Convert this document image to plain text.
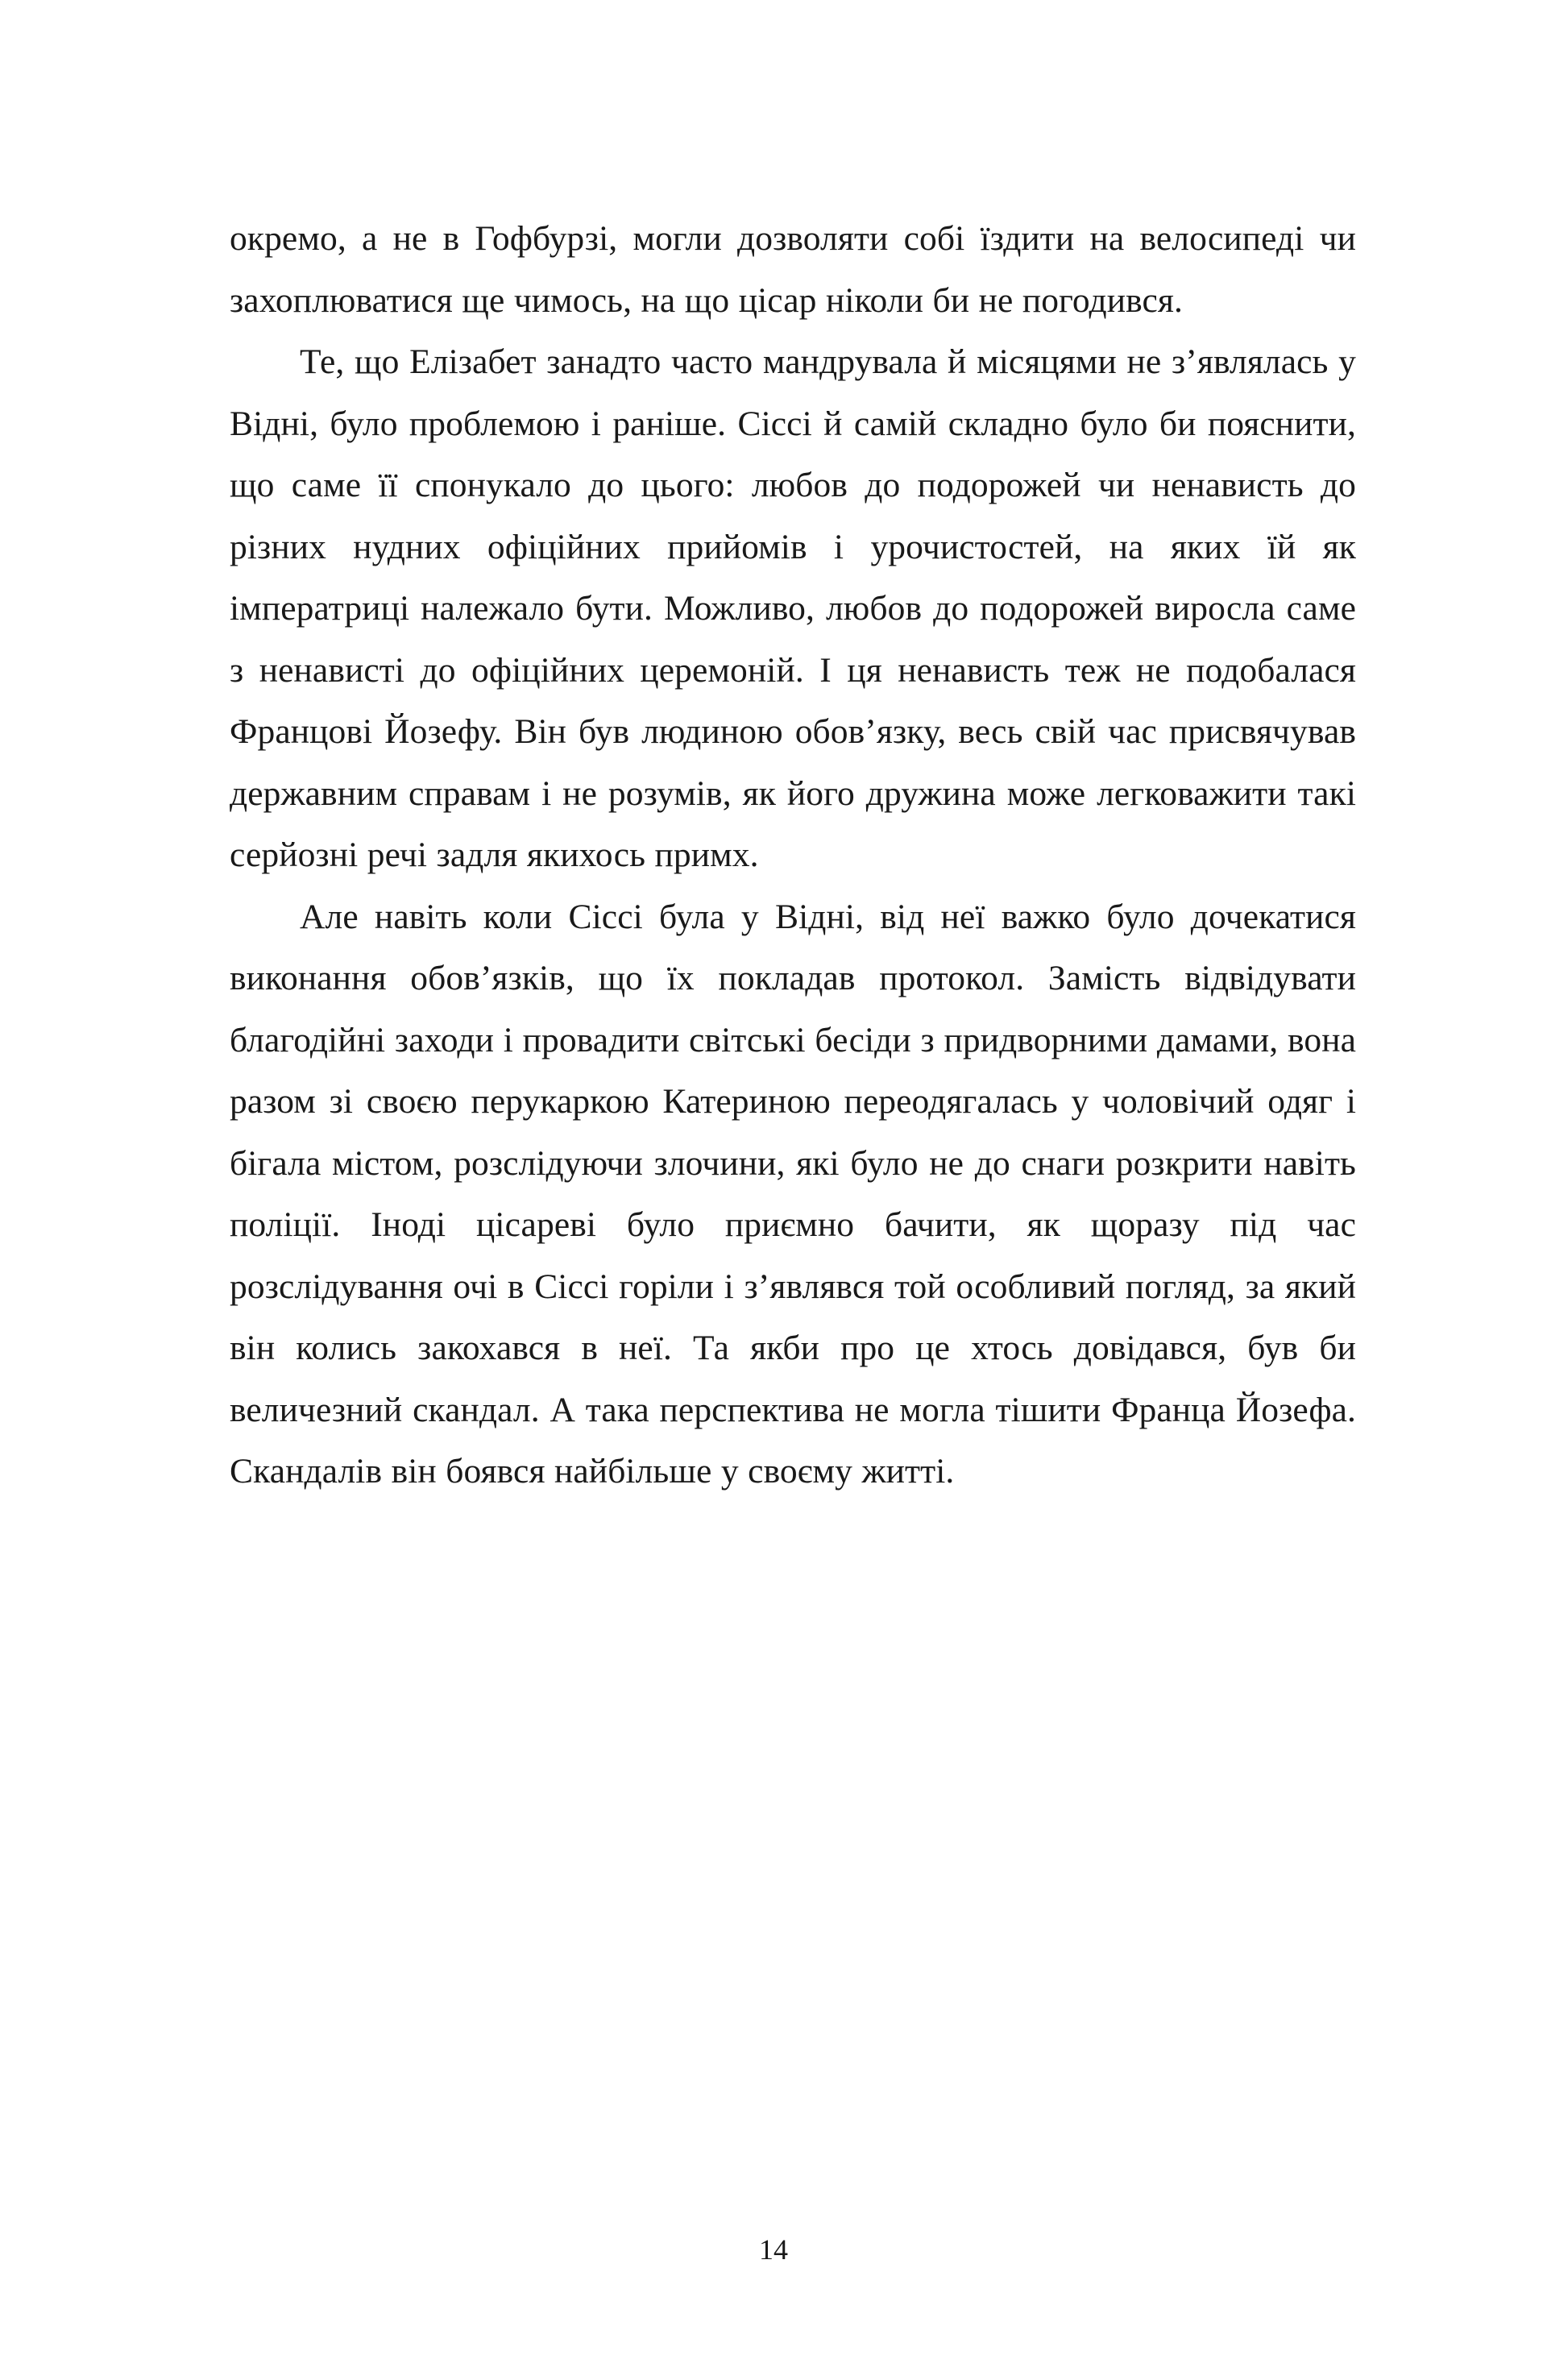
окремо, а не в Гофбурзі, могли дозволяти собі їздити на велосипеді чи захоплюватися ще чимось, на що цісар ніколи би не погодився.

Те, що Елізабет занадто часто мандрувала й місяцями не з’являлась у Відні, було проблемою і раніше. Сіссі й самій складно було би пояснити, що саме її спонукало до цього: любов до подорожей чи ненависть до різних нудних офіційних прийомів і урочистостей, на яких їй як імператриці належало бути. Можливо, любов до подорожей виросла саме з ненависті до офіційних церемоній. І ця ненависть теж не подобалася Францові Йозефу. Він був людиною обов’язку, весь свій час присвячував державним справам і не розумів, як його дружина може легковажити такі серйозні речі задля якихось примх.

Але навіть коли Сіссі була у Відні, від неї важко було дочекатися виконання обов’язків, що їх покладав протокол. Замість відвідувати благодійні заходи і провадити світські бесіди з придворними дамами, вона разом зі своєю перукаркою Катериною переодягалась у чоловічий одяг і бігала містом, розслідуючи злочини, які було не до снаги розкрити навіть поліції. Іноді цісареві було приємно бачити, як щоразу під час розслідування очі в Сіссі горіли і з’являвся той особливий погляд, за який він колись закохався в неї. Та якби про це хтось довідався, був би величезний скандал. А така перспектива не могла тішити Франца Йозефа. Скандалів він боявся найбільше у своєму житті.

14
